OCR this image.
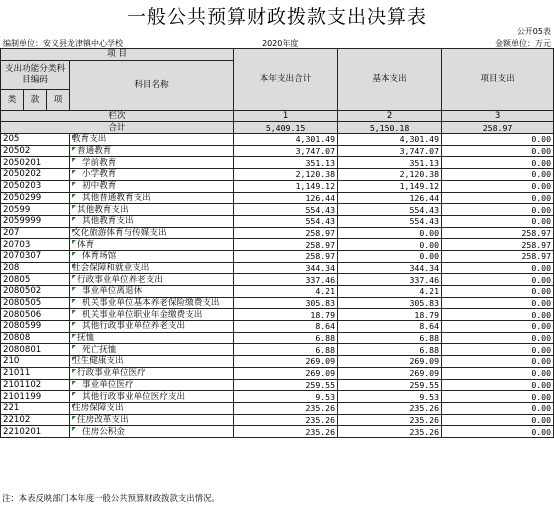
一般公共预算财政拨款支出决算表
公开05表
编制单位：安义县龙津镇中心学校	2020年度	金额单位：万元
项 目				本年支出合计	基本支出	项目支出
支出功能分类科目编码			科目名称			
类	款	项				
栏次				1	2	3
合计				5,409.15	5,150.18	258.97
205			教育支出	4,301.49	4,301.49	0.00
20502			普通教育	3,747.07	3,747.07	0.00
2050201			学前教育	351.13	351.13	0.00
2050202			小学教育	2,120.38	2,120.38	0.00
2050203			初中教育	1,149.12	1,149.12	0.00
2050299			其他普通教育支出	126.44	126.44	0.00
20599			其他教育支出	554.43	554.43	0.00
2059999			其他教育支出	554.43	554.43	0.00
207			文化旅游体育与传媒支出	258.97	0.00	258.97
20703			体育	258.97	0.00	258.97
2070307			体育场馆	258.97	0.00	258.97
208			社会保障和就业支出	344.34	344.34	0.00
20805			行政事业单位养老支出	337.46	337.46	0.00
2080502			事业单位离退休	4.21	4.21	0.00
2080505			机关事业单位基本养老保险缴费支出	305.83	305.83	0.00
2080506			机关事业单位职业年金缴费支出	18.79	18.79	0.00
2080599			其他行政事业单位养老支出	8.64	8.64	0.00
20808			抚恤	6.88	6.88	0.00
2080801			死亡抚恤	6.88	6.88	0.00
210			卫生健康支出	269.09	269.09	0.00
21011			行政事业单位医疗	269.09	269.09	0.00
2101102			事业单位医疗	259.55	259.55	0.00
2101199			其他行政事业单位医疗支出	9.53	9.53	0.00
221			住房保障支出	235.26	235.26	0.00
22102			住房改革支出	235.26	235.26	0.00
2210201			住房公积金	235.26	235.26	0.00
注：本表反映部门本年度一般公共预算财政拨款支出情况。
